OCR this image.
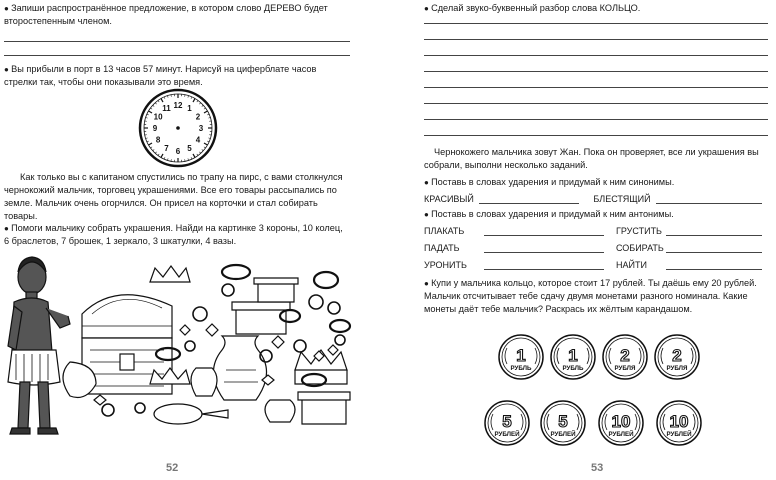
● Запиши распространённое предложение, в котором слово ДЕРЕВО будет второстепенным членом.

● Вы прибыли в порт в 13 часов 57 минут. Нарисуй на циферблате часов стрелки так, чтобы они показывали это время.

12 1
2
3
4
5
6
7
8
9
10
11

Как только вы с капитаном спустились по трапу на пирс, с вами столкнулся чернокожий мальчик, торговец украшениями. Все его товары рассыпались по земле. Мальчик очень огорчился. Он присел на корточки и стал собирать товары.

● Помоги мальчику собрать украшения. Найди на картинке 3 короны, 10 колец, 6 браслетов, 7 брошек, 1 зеркало, 3 шкатулки, 4 вазы.

52

● Сделай звуко-буквенный разбор слова КОЛЬЦО.

Чернокожего мальчика зовут Жан. Пока он проверяет, все ли украшения вы собрали, выполни несколько заданий.

● Поставь в словах ударения и придумай к ним синонимы.

КРАСИВЫЙ	БЛЕСТЯЩИЙ

● Поставь в словах ударения и придумай к ним антонимы.

ПЛАКАТЬ	ГРУСТИТЬ
ПАДАТЬ	СОБИРАТЬ
УРОНИТЬ	НАЙТИ

● Купи у мальчика кольцо, которое стоит 17 рублей. Ты даёшь ему 20 рублей. Мальчик отсчитывает тебе сдачу двумя монетами разного номинала. Какие монеты даёт тебе мальчик? Раскрась их жёлтым карандашом.

1
РУБЛЬ
1
РУБЛЬ
2
РУБЛЯ
2
РУБЛЯ
5
РУБЛЕЙ
5
РУБЛЕЙ
10
РУБЛЕЙ
10
РУБЛЕЙ
53
